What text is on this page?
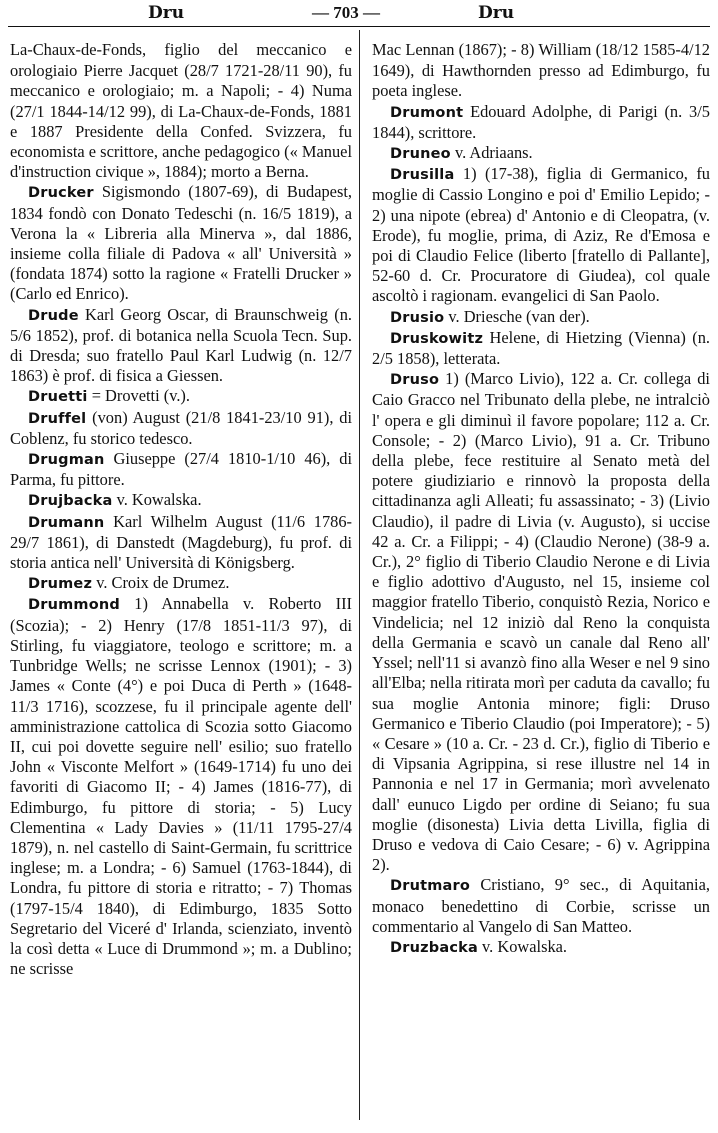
Dru	— 703 —	Dru

La-Chaux-de-Fonds, figlio del meccanico e orologiaio Pierre Jacquet (28/7 1721-28/11 90), fu meccanico e orologiaio; m. a Napoli; - 4) Numa (27/1 1844-14/12 99), di La-Chaux-de-Fonds, 1881 e 1887 Presidente della Confed. Svizzera, fu economista e scrittore, anche pedagogico (« Manuel d'instruction civique », 1884); morto a Berna.

Drucker Sigismondo (1807-69), di Budapest, 1834 fondò con Donato Tedeschi (n. 16/5 1819), a Verona la « Libreria alla Minerva », dal 1886, insieme colla filiale di Padova « all' Università » (fondata 1874) sotto la ragione « Fratelli Drucker » (Carlo ed Enrico).

Drude Karl Georg Oscar, di Braunschweig (n. 5/6 1852), prof. di botanica nella Scuola Tecn. Sup. di Dresda; suo fratello Paul Karl Ludwig (n. 12/7 1863) è prof. di fisica a Giessen.

Druetti = Drovetti (v.).

Druffel (von) August (21/8 1841-23/10 91), di Coblenz, fu storico tedesco.

Drugman Giuseppe (27/4 1810-1/10 46), di Parma, fu pittore.

Drujbacka v. Kowalska.

Drumann Karl Wilhelm August (11/6 1786-29/7 1861), di Danstedt (Magdeburg), fu prof. di storia antica nell' Università di Königsberg.

Drumez v. Croix de Drumez.

Drummond 1) Annabella v. Roberto III (Scozia); - 2) Henry (17/8 1851-11/3 97), di Stirling, fu viaggiatore, teologo e scrittore; m. a Tunbridge Wells; ne scrisse Lennox (1901); - 3) James « Conte (4°) e poi Duca di Perth » (1648-11/3 1716), scozzese, fu il principale agente dell' amministrazione cattolica di Scozia sotto Giacomo II, cui poi dovette seguire nell' esilio; suo fratello John « Visconte Melfort » (1649-1714) fu uno dei favoriti di Giacomo II; - 4) James (1816-77), di Edimburgo, fu pittore di storia; - 5) Lucy Clementina « Lady Davies » (11/11 1795-27/4 1879), n. nel castello di Saint-Germain, fu scrittrice inglese; m. a Londra; - 6) Samuel (1763-1844), di Londra, fu pittore di storia e ritratto; - 7) Thomas (1797-15/4 1840), di Edimburgo, 1835 Sotto Segretario del Viceré d' Irlanda, scienziato, inventò la così detta « Luce di Drummond »; m. a Dublino; ne scrisse

Mac Lennan (1867); - 8) William (18/12 1585-4/12 1649), di Hawthornden presso ad Edimburgo, fu poeta inglese.

Drumont Edouard Adolphe, di Parigi (n. 3/5 1844), scrittore.

Druneo v. Adriaans.

Drusilla 1) (17-38), figlia di Germanico, fu moglie di Cassio Longino e poi d' Emilio Lepido; - 2) una nipote (ebrea) d' Antonio e di Cleopatra, (v. Erode), fu moglie, prima, di Aziz, Re d'Emosa e poi di Claudio Felice (liberto [fratello di Pallante], 52-60 d. Cr. Procuratore di Giudea), col quale ascoltò i ragionam. evangelici di San Paolo.

Drusio v. Driesche (van der).

Druskowitz Helene, di Hietzing (Vienna) (n. 2/5 1858), letterata.

Druso 1) (Marco Livio), 122 a. Cr. collega di Caio Gracco nel Tribunato della plebe, ne intralciò l' opera e gli diminuì il favore popolare; 112 a. Cr. Console; - 2) (Marco Livio), 91 a. Cr. Tribuno della plebe, fece restituire al Senato metà del potere giudiziario e rinnovò la proposta della cittadinanza agli Alleati; fu assassinato; - 3) (Livio Claudio), il padre di Livia (v. Augusto), si uccise 42 a. Cr. a Filippi; - 4) (Claudio Nerone) (38-9 a. Cr.), 2° figlio di Tiberio Claudio Nerone e di Livia e figlio adottivo d'Augusto, nel 15, insieme col maggior fratello Tiberio, conquistò Rezia, Norico e Vindelicia; nel 12 iniziò dal Reno la conquista della Germania e scavò un canale dal Reno all' Yssel; nell'11 si avanzò fino alla Weser e nel 9 sino all'Elba; nella ritirata morì per caduta da cavallo; fu sua moglie Antonia minore; figli: Druso Germanico e Tiberio Claudio (poi Imperatore); - 5) « Cesare » (10 a. Cr. - 23 d. Cr.), figlio di Tiberio e di Vipsania Agrippina, si rese illustre nel 14 in Pannonia e nel 17 in Germania; morì avvelenato dall' eunuco Ligdo per ordine di Seiano; fu sua moglie (disonesta) Livia detta Livilla, figlia di Druso e vedova di Caio Cesare; - 6) v. Agrippina 2).

Drutmaro Cristiano, 9° sec., di Aquitania, monaco benedettino di Corbie, scrisse un commentario al Vangelo di San Matteo.

Druzbacka v. Kowalska.
